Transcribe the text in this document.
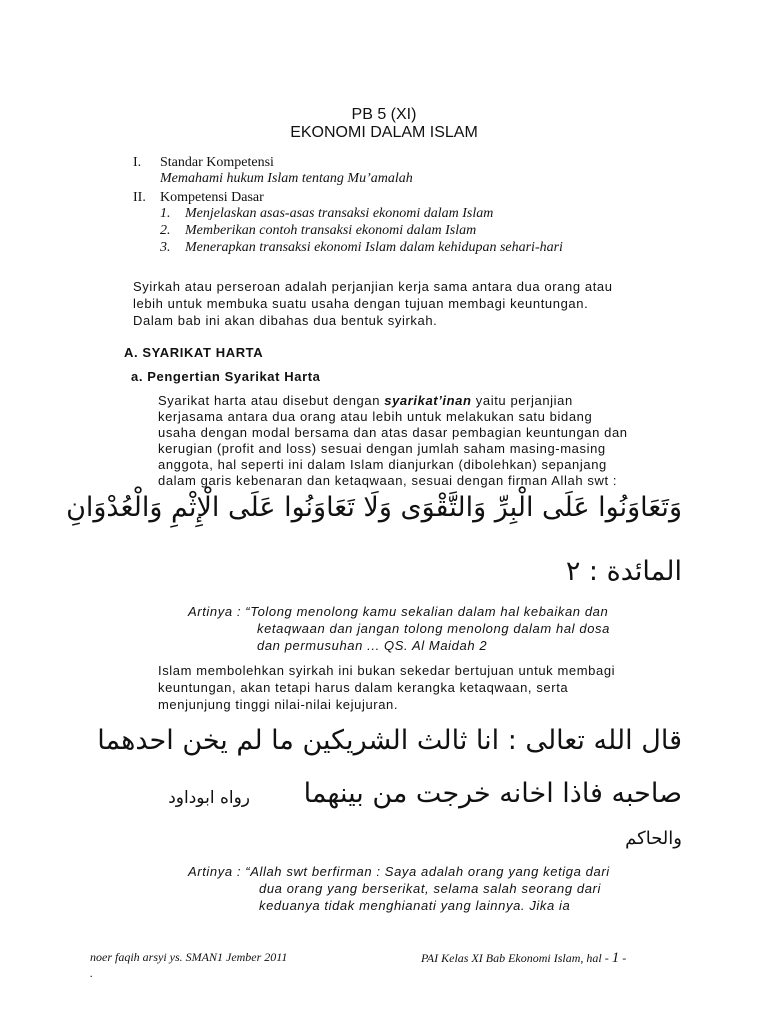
PB 5 (XI)
EKONOMI DALAM ISLAM
I. Standar Kompetensi
Memahami hukum Islam tentang Mu’amalah
II. Kompetensi Dasar
1. Menjelaskan asas-asas transaksi ekonomi dalam Islam
2. Memberikan contoh transaksi ekonomi dalam Islam
3. Menerapkan transaksi ekonomi Islam dalam kehidupan sehari-hari
Syirkah atau perseroan adalah perjanjian kerja sama antara dua orang atau
lebih untuk membuka suatu usaha dengan tujuan membagi keuntungan.
Dalam bab ini akan dibahas dua bentuk syirkah.
A. SYARIKAT HARTA
a. Pengertian Syarikat Harta
Syarikat harta atau disebut dengan syarikat’inan yaitu perjanjian
kerjasama antara dua orang atau lebih untuk melakukan satu bidang
usaha dengan modal bersama dan atas dasar pembagian keuntungan dan
kerugian (profit and loss) sesuai dengan jumlah saham masing-masing
anggota, hal seperti ini dalam Islam dianjurkan (dibolehkan) sepanjang
dalam garis kebenaran dan ketaqwaan, sesuai dengan firman Allah swt :
وَتَعَاوَنُوا عَلَى الْبِرِّ وَالتَّقْوَى وَلَا تَعَاوَنُوا عَلَى الْإِثْمِ وَالْعُدْوَانِ
المائدة : ٢
Artinya : “Tolong menolong kamu sekalian dalam hal kebaikan dan
ketaqwaan dan jangan tolong menolong dalam hal dosa
dan permusuhan ... QS. Al Maidah 2
Islam membolehkan syirkah ini bukan sekedar bertujuan untuk membagi
keuntungan, akan tetapi harus dalam kerangka ketaqwaan, serta
menjunjung tinggi nilai-nilai kejujuran.
قال الله تعالى : انا ثالث الشريكين ما لم يخن احدهما
صاحبه فاذا اخانه خرجت من بينهما
رواه ابوداود
والحاكم
Artinya : “Allah swt berfirman : Saya adalah orang yang ketiga dari
dua orang yang berserikat, selama salah seorang dari
keduanya tidak menghianati yang lainnya. Jika ia
noer faqih arsyi ys. SMAN1 Jember 2011	PAI Kelas XI Bab Ekonomi Islam, hal - 1 -
.
